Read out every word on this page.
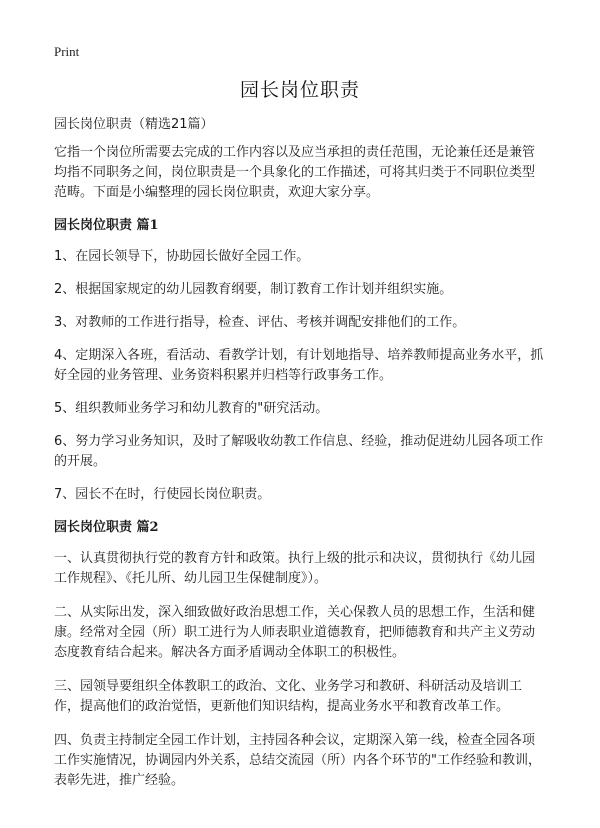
Print
园长岗位职责
园长岗位职责（精选21篇）

它指一个岗位所需要去完成的工作内容以及应当承担的责任范围，无论兼任还是兼管均指不同职务之间，岗位职责是一个具象化的工作描述，可将其归类于不同职位类型范畴。下面是小编整理的园长岗位职责，欢迎大家分享。

园长岗位职责 篇1
1、在园长领导下，协助园长做好全园工作。
2、根据国家规定的幼儿园教育纲要，制订教育工作计划并组织实施。
3、对教师的工作进行指导，检查、评估、考核并调配安排他们的工作。
4、定期深入各班，看活动、看教学计划，有计划地指导、培养教师提高业务水平，抓好全园的业务管理、业务资料积累并归档等行政事务工作。
5、组织教师业务学习和幼儿教育的"研究活动。
6、努力学习业务知识，及时了解吸收幼教工作信息、经验，推动促进幼儿园各项工作的开展。
7、园长不在时，行使园长岗位职责。
园长岗位职责 篇2
一、认真贯彻执行党的教育方针和政策。执行上级的批示和决议，贯彻执行《幼儿园工作规程》、《托儿所、幼儿园卫生保健制度》）。
二、从实际出发，深入细致做好政治思想工作，关心保教人员的思想工作，生活和健康。经常对全园（所）职工进行为人师表职业道德教育，把师德教育和共产主义劳动态度教育结合起来。解决各方面矛盾调动全体职工的积极性。
三、园领导要组织全体教职工的政治、文化、业务学习和教研、科研活动及培训工作，提高他们的政治觉悟，更新他们知识结构，提高业务水平和教育改革工作。
四、负责主持制定全园工作计划，主持园各种会议，定期深入第一线，检查全园各项工作实施情况，协调园内外关系，总结交流园（所）内各个环节的"工作经验和教训，表彰先进，推广经验。
